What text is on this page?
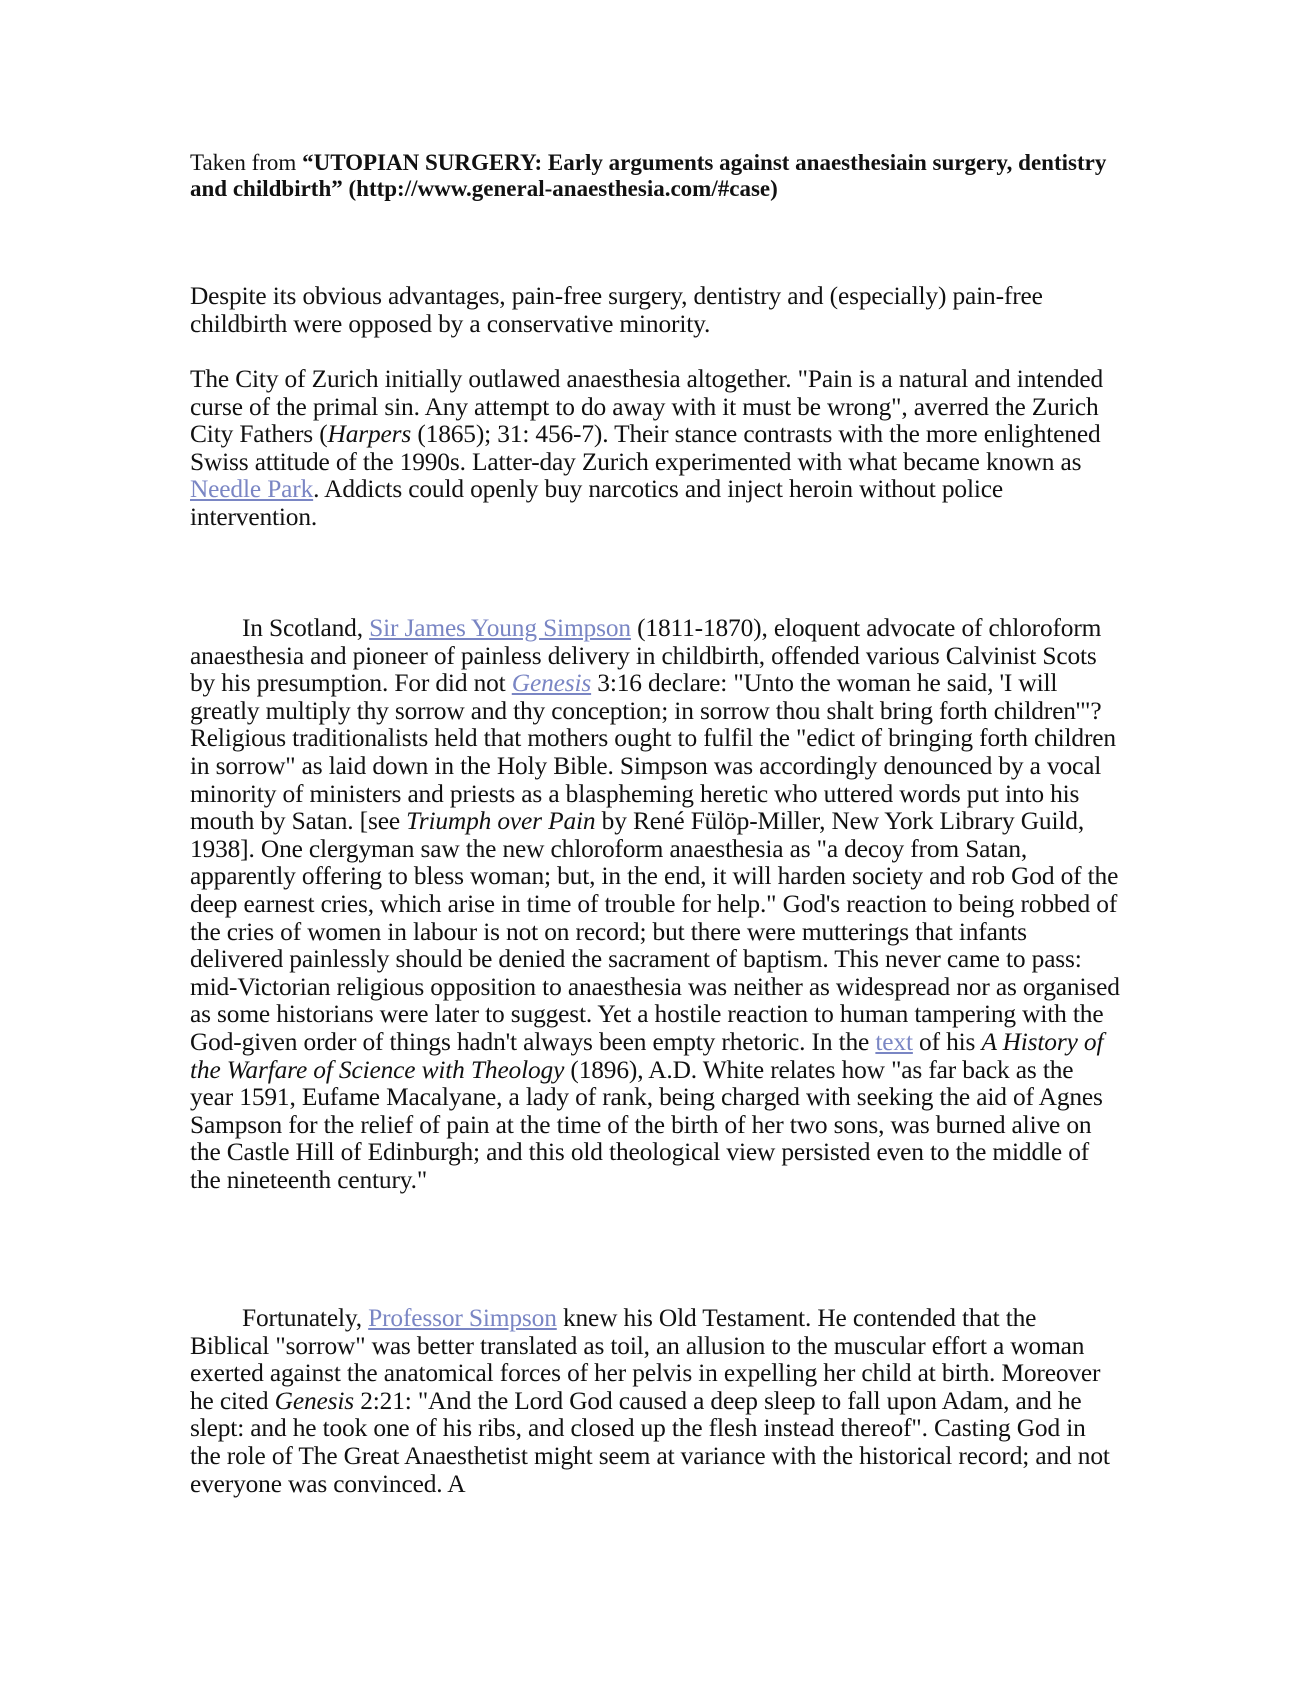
Taken from “UTOPIAN SURGERY: Early arguments against anaesthesiain surgery, dentistry and childbirth” (http://www.general-anaesthesia.com/#case)

Despite its obvious advantages, pain-free surgery, dentistry and (especially) pain-free childbirth were opposed by a conservative minority.

The City of Zurich initially outlawed anaesthesia altogether. "Pain is a natural and intended curse of the primal sin. Any attempt to do away with it must be wrong", averred the Zurich City Fathers (Harpers (1865); 31: 456-7). Their stance contrasts with the more enlightened Swiss attitude of the 1990s. Latter-day Zurich experimented with what became known as Needle Park. Addicts could openly buy narcotics and inject heroin without police intervention.

In Scotland, Sir James Young Simpson (1811-1870), eloquent advocate of chloroform anaesthesia and pioneer of painless delivery in childbirth, offended various Calvinist Scots by his presumption. For did not Genesis 3:16 declare: "Unto the woman he said, 'I will greatly multiply thy sorrow and thy conception; in sorrow thou shalt bring forth children'"? Religious traditionalists held that mothers ought to fulfil the "edict of bringing forth children in sorrow" as laid down in the Holy Bible. Simpson was accordingly denounced by a vocal minority of ministers and priests as a blaspheming heretic who uttered words put into his mouth by Satan. [see Triumph over Pain by René Fülöp-Miller, New York Library Guild, 1938]. One clergyman saw the new chloroform anaesthesia as "a decoy from Satan, apparently offering to bless woman; but, in the end, it will harden society and rob God of the deep earnest cries, which arise in time of trouble for help." God's reaction to being robbed of the cries of women in labour is not on record; but there were mutterings that infants delivered painlessly should be denied the sacrament of baptism. This never came to pass: mid-Victorian religious opposition to anaesthesia was neither as widespread nor as organised as some historians were later to suggest. Yet a hostile reaction to human tampering with the God-given order of things hadn't always been empty rhetoric. In the text of his A History of the Warfare of Science with Theology (1896), A.D. White relates how "as far back as the year 1591, Eufame Macalyane, a lady of rank, being charged with seeking the aid of Agnes Sampson for the relief of pain at the time of the birth of her two sons, was burned alive on the Castle Hill of Edinburgh; and this old theological view persisted even to the middle of the nineteenth century."

Fortunately, Professor Simpson knew his Old Testament. He contended that the Biblical "sorrow" was better translated as toil, an allusion to the muscular effort a woman exerted against the anatomical forces of her pelvis in expelling her child at birth. Moreover he cited Genesis 2:21: "And the Lord God caused a deep sleep to fall upon Adam, and he slept: and he took one of his ribs, and closed up the flesh instead thereof". Casting God in the role of The Great Anaesthetist might seem at variance with the historical record; and not everyone was convinced. A
